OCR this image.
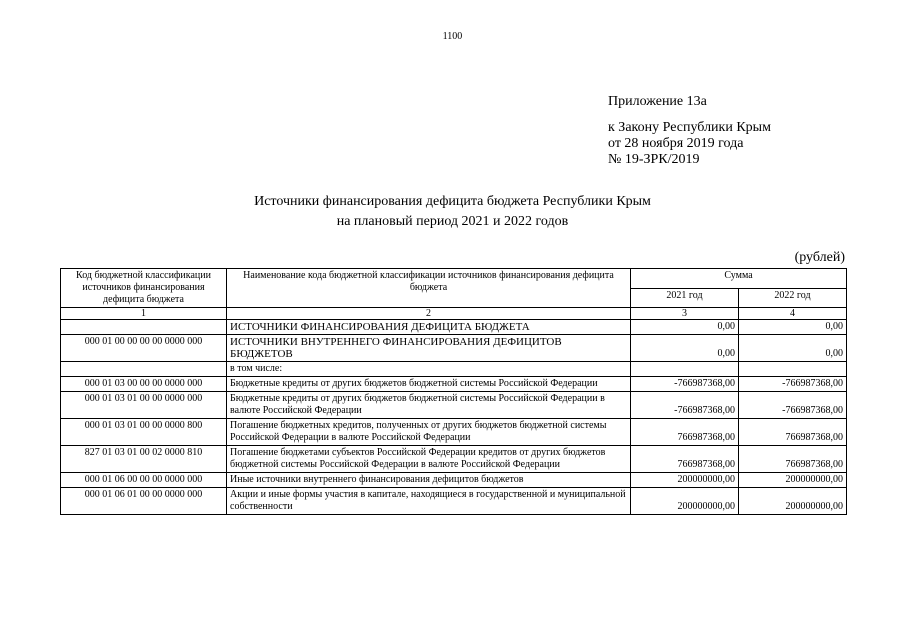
1100
Приложение 13а
к Закону Республики Крым
от 28 ноября 2019 года
№ 19-ЗРК/2019
Источники финансирования дефицита бюджета Республики Крым
на плановый период 2021 и 2022 годов
(рублей)
Код бюджетной классификации источников финансирования дефицита бюджета	Наименование кода бюджетной классификации источников финансирования дефицита бюджета	Сумма	
		2021 год	2022 год
1	2	3	4
	ИСТОЧНИКИ ФИНАНСИРОВАНИЯ ДЕФИЦИТА БЮДЖЕТА	0,00	0,00
000 01 00 00 00 00 0000 000	ИСТОЧНИКИ ВНУТРЕННЕГО ФИНАНСИРОВАНИЯ ДЕФИЦИТОВ БЮДЖЕТОВ	0,00	0,00
	в том числе:		
000 01 03 00 00 00 0000 000	Бюджетные кредиты от других бюджетов бюджетной системы Российской Федерации	-766987368,00	-766987368,00
000 01 03 01 00 00 0000 000	Бюджетные кредиты от других бюджетов бюджетной системы Российской Федерации в валюте Российской Федерации	-766987368,00	-766987368,00
000 01 03 01 00 00 0000 800	Погашение бюджетных кредитов, полученных от других бюджетов бюджетной системы Российской Федерации в валюте Российской Федерации	766987368,00	766987368,00
827 01 03 01 00 02 0000 810	Погашение бюджетами субъектов Российской Федерации кредитов от других бюджетов бюджетной системы Российской Федерации в валюте Российской Федерации	766987368,00	766987368,00
000 01 06 00 00 00 0000 000	Иные источники внутреннего финансирования дефицитов бюджетов	200000000,00	200000000,00
000 01 06 01 00 00 0000 000	Акции и иные формы участия в капитале, находящиеся в государственной и муниципальной собственности	200000000,00	200000000,00
